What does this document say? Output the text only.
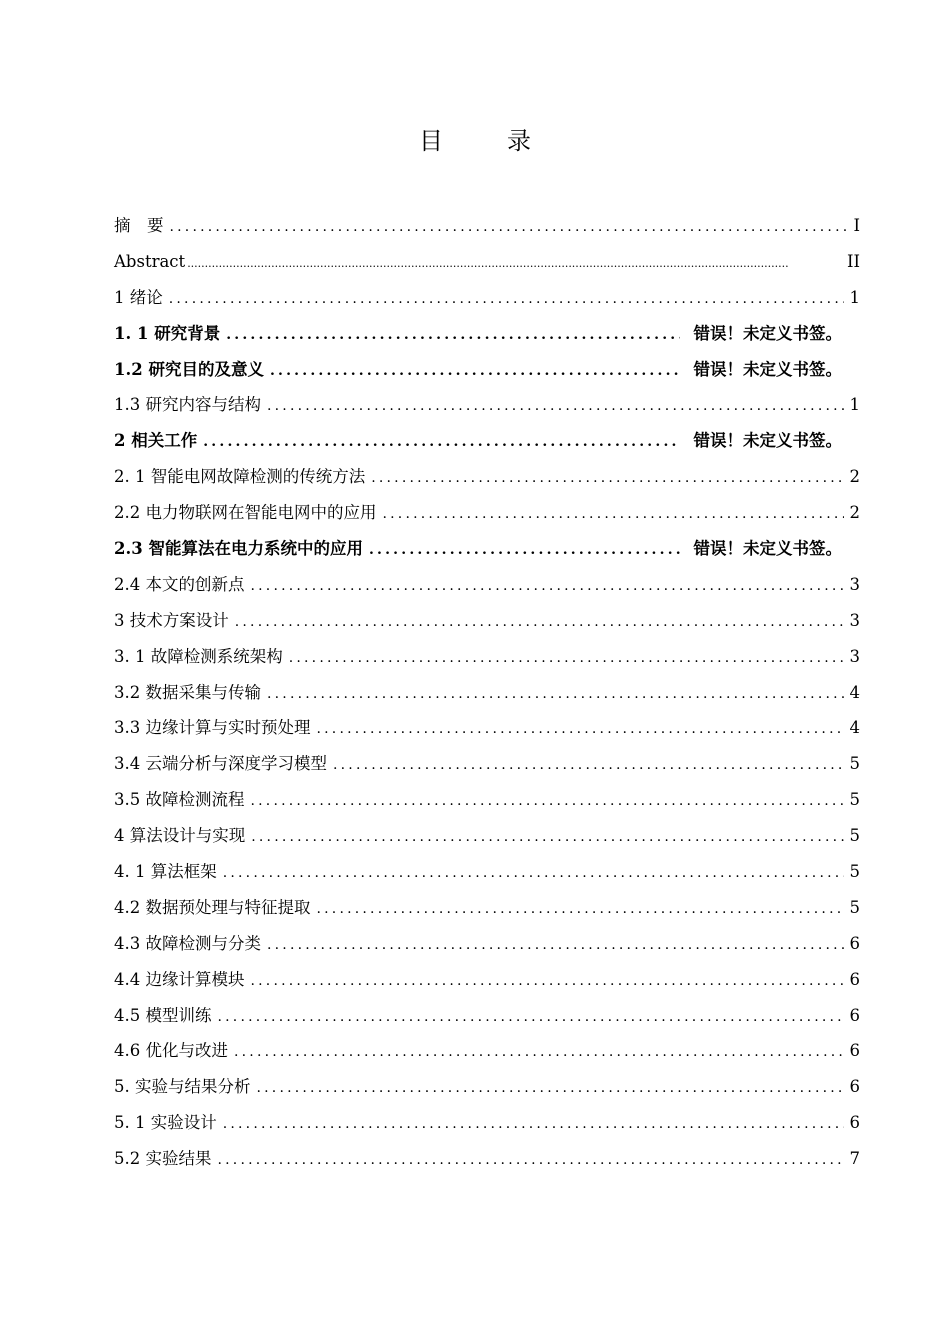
目　录
摘　要 .....	I
Abstract .....	II
1 绪论 .....	1
1. 1 研究背景 .....	错误！未定义书签。
1.2 研究目的及意义 .....	错误！未定义书签。
1.3 研究内容与结构 .....	1
2 相关工作 .....	错误！未定义书签。
2. 1 智能电网故障检测的传统方法 .....	2
2.2 电力物联网在智能电网中的应用 .....	2
2.3 智能算法在电力系统中的应用 .....	错误！未定义书签。
2.4 本文的创新点 .....	3
3 技术方案设计 .....	3
3. 1 故障检测系统架构 .....	3
3.2 数据采集与传输 .....	4
3.3 边缘计算与实时预处理 .....	4
3.4 云端分析与深度学习模型 .....	5
3.5 故障检测流程 .....	5
4 算法设计与实现 .....	5
4. 1 算法框架 .....	5
4.2 数据预处理与特征提取 .....	5
4.3 故障检测与分类 .....	6
4.4 边缘计算模块 .....	6
4.5 模型训练 .....	6
4.6 优化与改进 .....	6
5. 实验与结果分析 .....	6
5. 1 实验设计 .....	6
5.2 实验结果 .....	7
